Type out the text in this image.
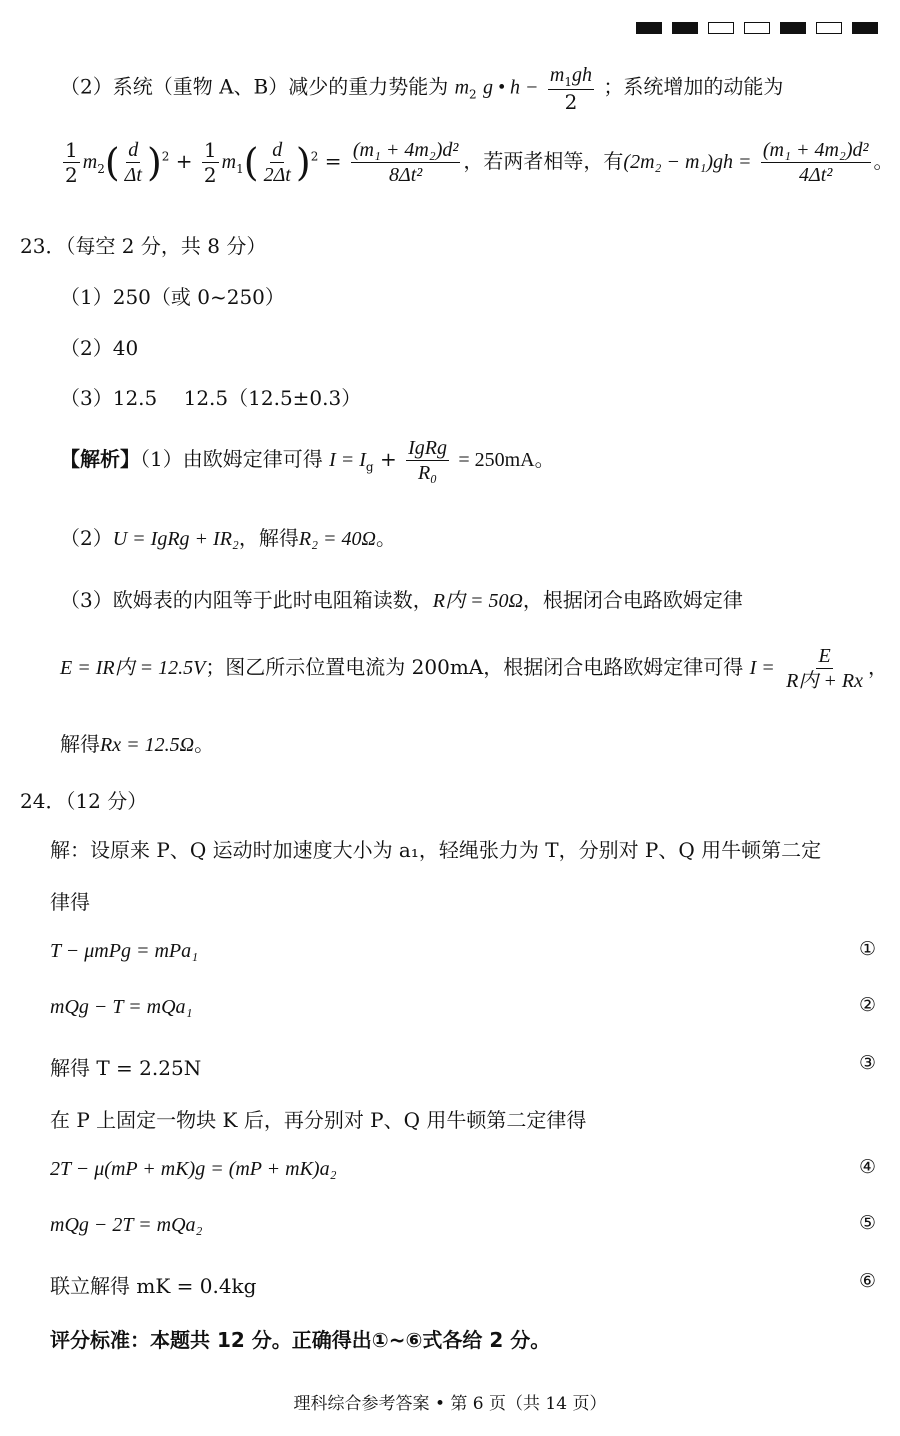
（2）系统（重物 A、B）减少的重力势能为 $m_2$ g • $h - \frac{m_1gh}{2}$ ；系统增加的动能为
$\frac{1}{2} m_2( \frac{d}{\Delta t} )^2 + \frac{1}{2} m_1( \frac{d}{2\Delta t} )^2 = \frac{\text{(m₁ + 4m₂)d²}}{\text{8Δt²}}$ ，若两者相等，有$(2m_2 - m_1)gh = \frac{\text{(m₁ + 4m₂)d²}}{\text{4Δt²}}$ 。
23．（每空 2 分，共 8 分）
（1）250（或 0~250）
（2）40
（3）12.5　 12.5（12.5±0.3）
【解析】（1）由欧姆定律可得 $I = I_g + \frac{\text{IgRg}}{\text{R₀}} = 250mA$。
（2）U = IgRg + IR₂，解得R₂ = 40Ω。
（3）欧姆表的内阻等于此时电阻箱读数，R内 = 50Ω，根据闭合电路欧姆定律
E = IR内 = 12.5V；图乙所示位置电流为 200mA，根据闭合电路欧姆定律可得 $I = \frac{E}{\text{R内 + Rx}}$ ，
解得Rx = 12.5Ω。
24．（12 分）
解：设原来 P、Q 运动时加速度大小为 a₁，轻绳张力为 T，分别对 P、Q 用牛顿第二定
律得
T − μmPg = mPa₁	①
mQg − T = mQa₁	②
解得 T = 2.25N	③
在 P 上固定一物块 K 后，再分别对 P、Q 用牛顿第二定律得
2T − μ(mP + mK)g = (mP + mK)a₂	④
mQg − 2T = mQa₂	⑤
联立解得 mK = 0.4kg	⑥
评分标准：本题共 12 分。正确得出①~⑥式各给 2 分。
理科综合参考答案 • 第 6 页（共 14 页）
